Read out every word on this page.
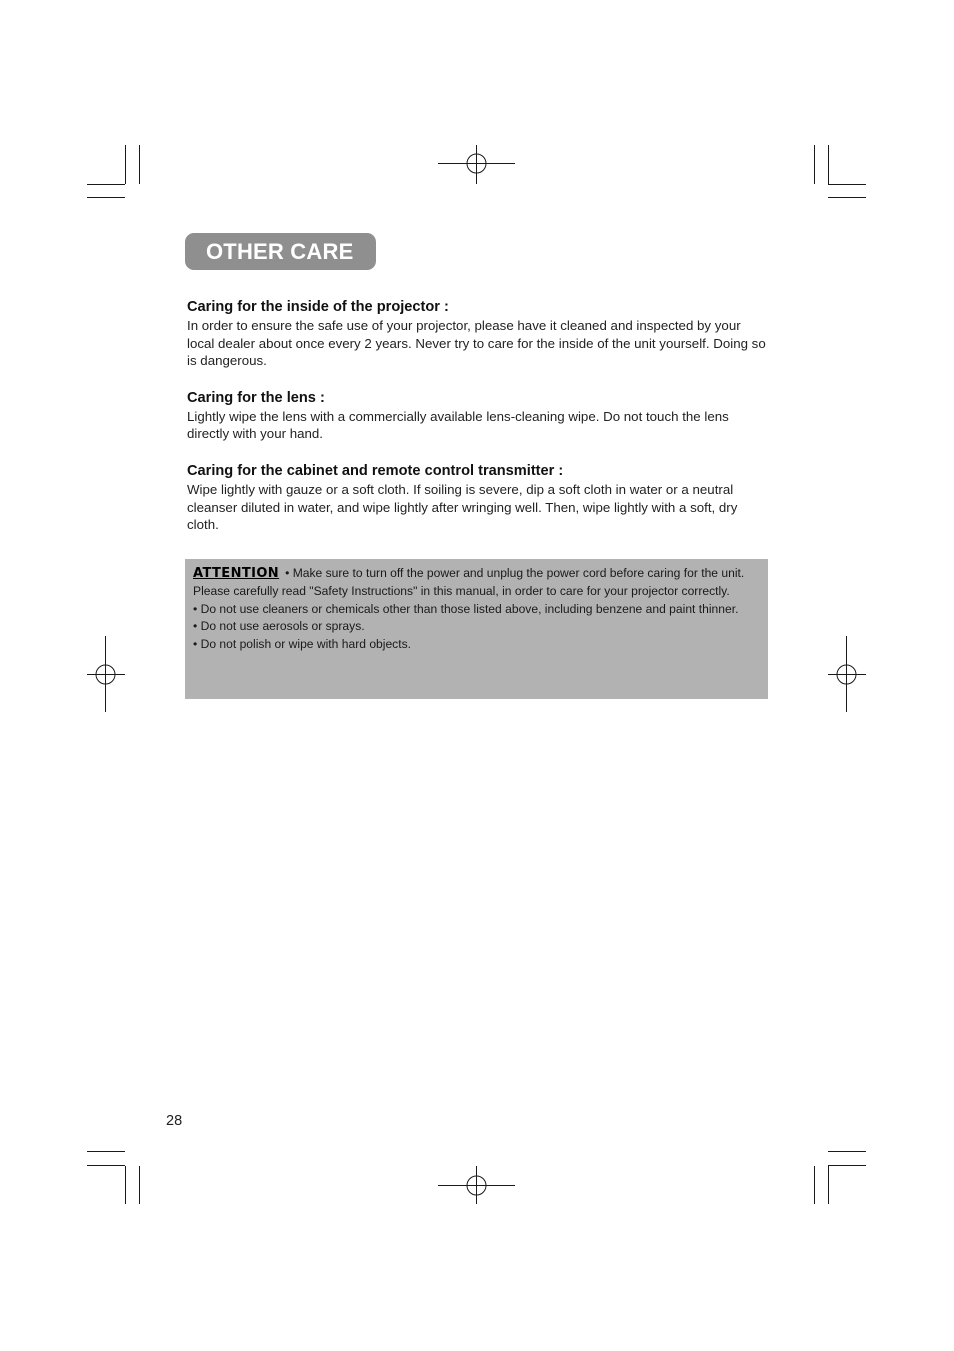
OTHER CARE
Caring for the inside of the projector :
In order to ensure the safe use of your projector, please have it cleaned and inspected by your local dealer about once every 2 years. Never try to care for the inside of the unit yourself. Doing so is dangerous.
Caring for the lens :
Lightly wipe the lens with a commercially available lens-cleaning wipe. Do not touch the lens directly with your hand.
Caring for the cabinet and remote control transmitter :
Wipe lightly with gauze or a soft cloth. If soiling is severe, dip a soft cloth in water or a neutral cleanser diluted in water, and wipe lightly after wringing well. Then, wipe lightly with a soft, dry cloth.
ATTENTION • Make sure to turn off the power and unplug the power cord before caring for the unit. Please carefully read "Safety Instructions" in this manual, in order to care for your projector correctly.
• Do not use cleaners or chemicals other than those listed above, including benzene and paint thinner.
• Do not use aerosols or sprays.
• Do not polish or wipe with hard objects.
28
